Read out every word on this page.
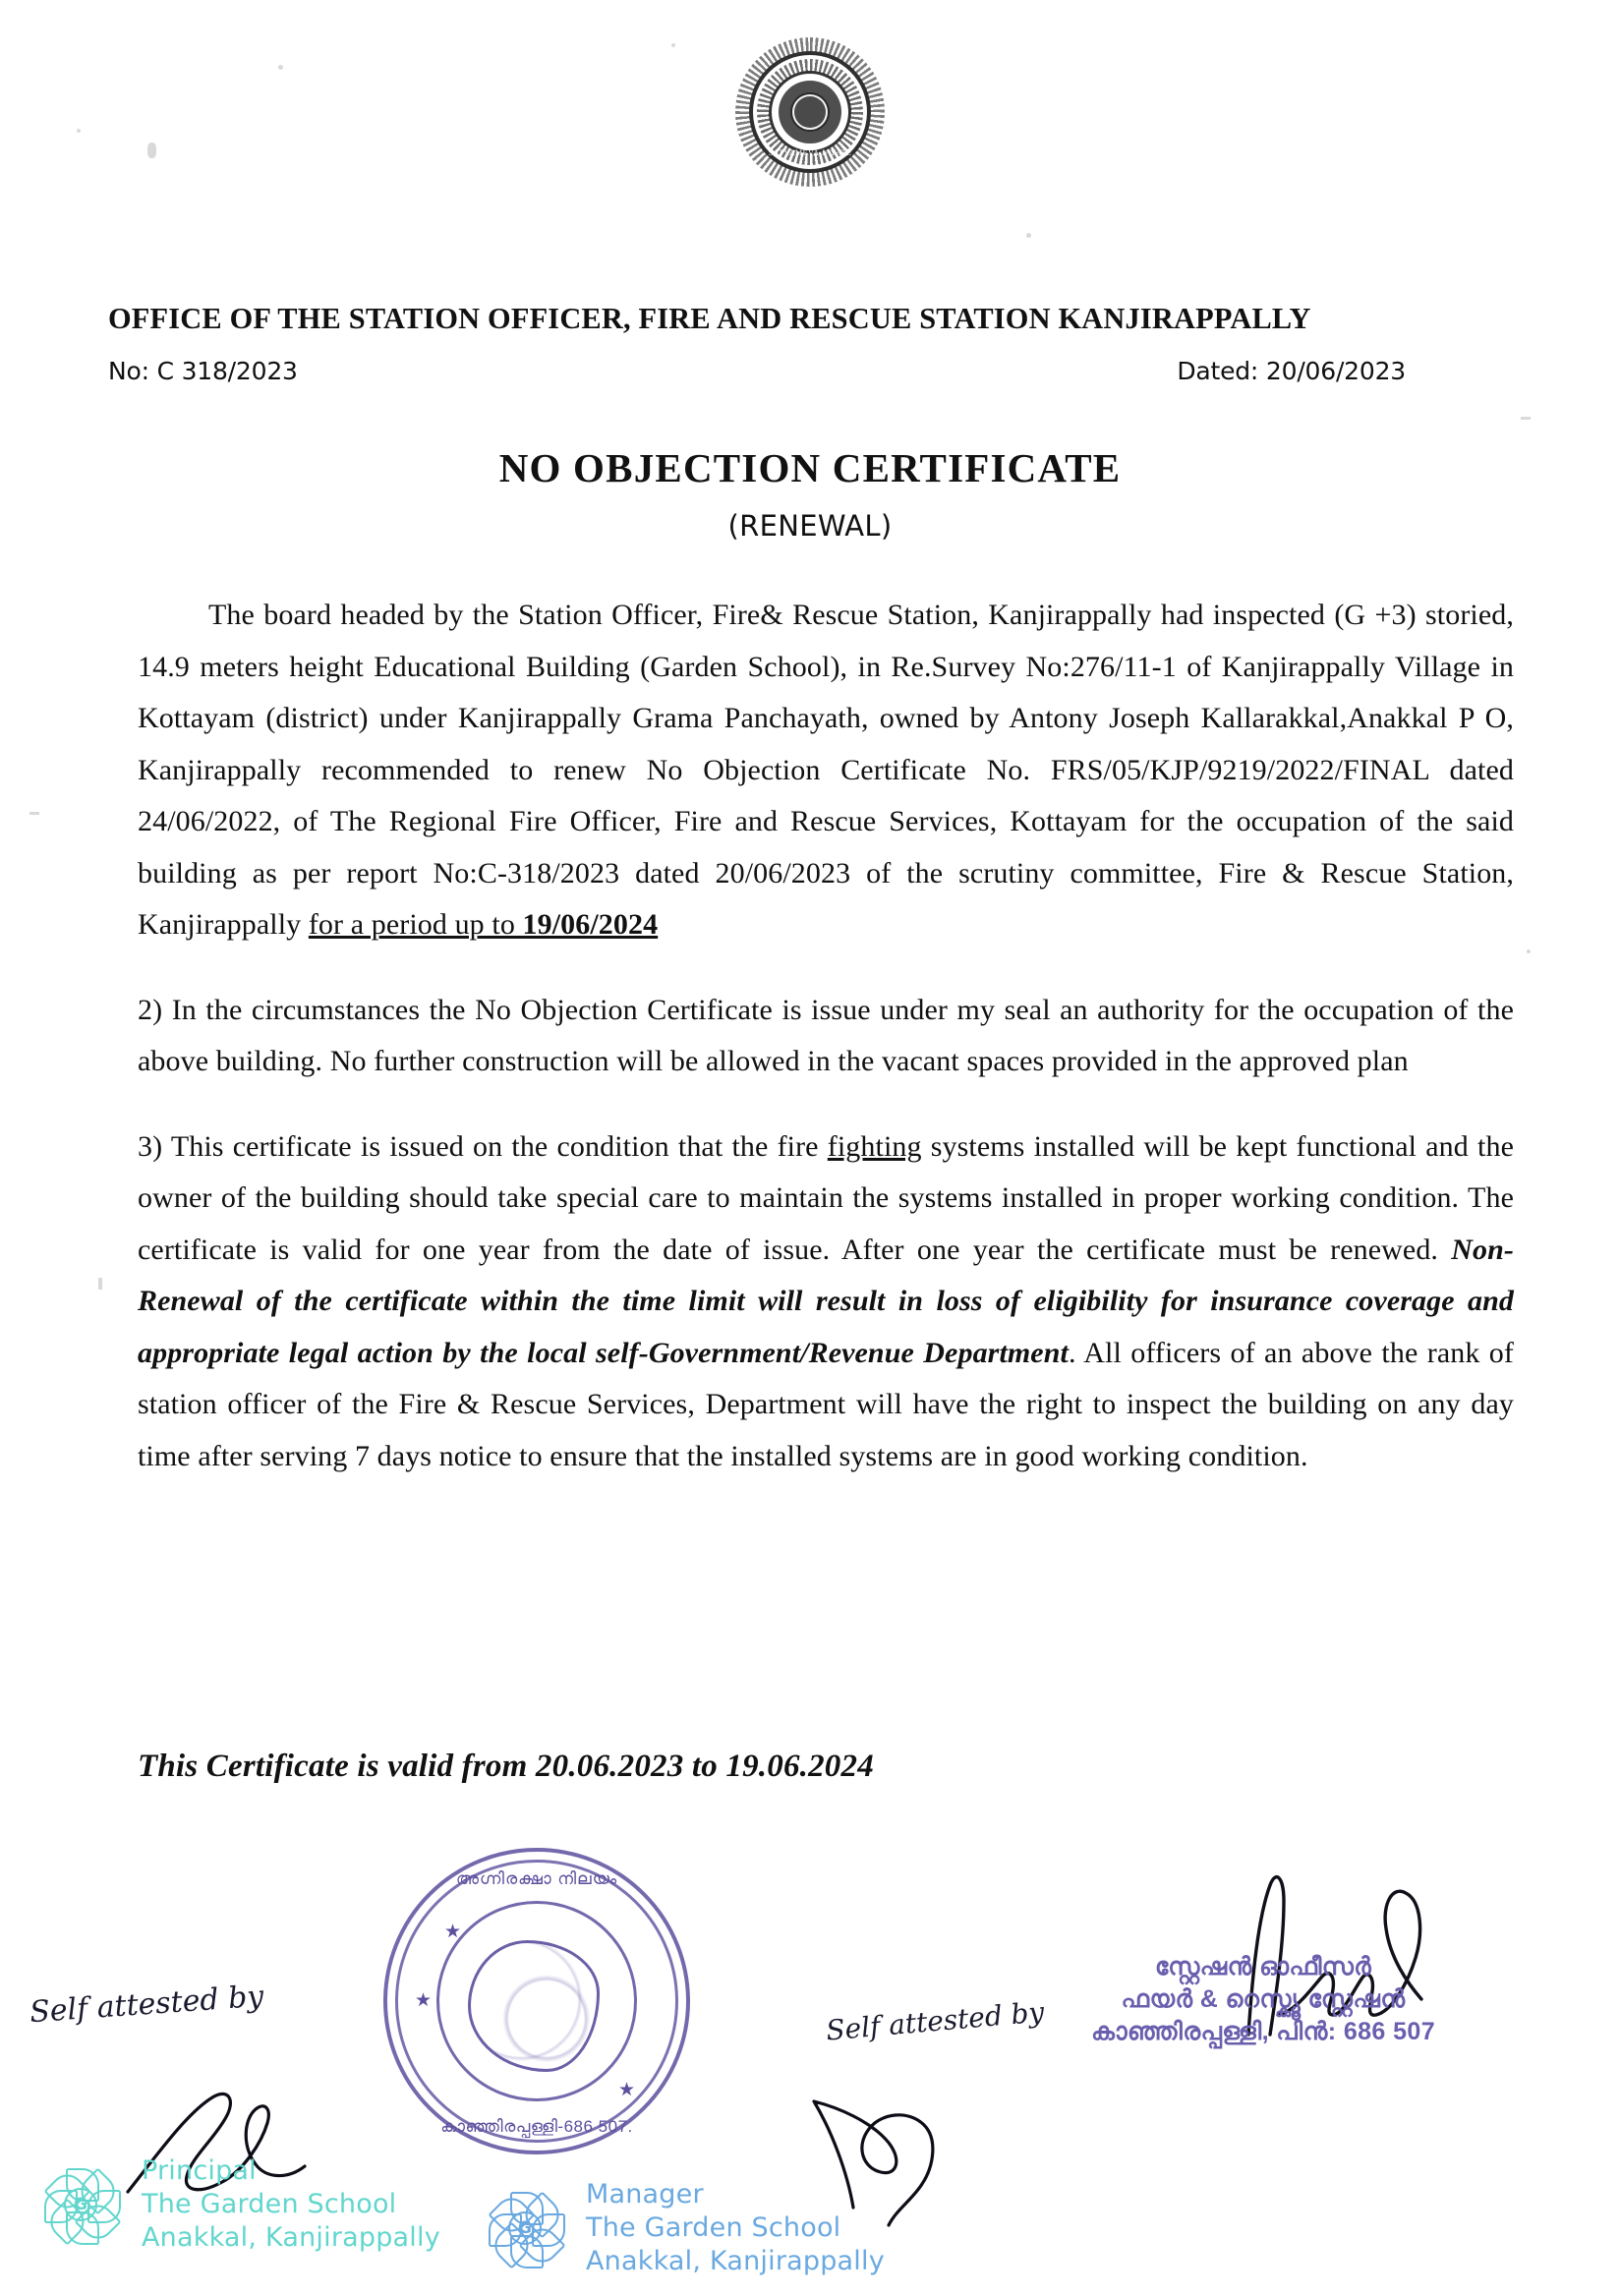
SATYAMEVA JAYATE
OFFICE OF THE STATION OFFICER, FIRE AND RESCUE STATION KANJIRAPPALLY
No: C 318/2023	Dated: 20/06/2023
NO OBJECTION CERTIFICATE
(RENEWAL)

The board headed by the Station Officer, Fire& Rescue Station, Kanjirappally had inspected (G +3) storied, 14.9 meters height Educational Building (Garden School), in Re.Survey No:276/11-1 of Kanjirappally Village in Kottayam (district) under Kanjirappally Grama Panchayath, owned by Antony Joseph Kallarakkal,Anakkal P O, Kanjirappally recommended to renew No Objection Certificate No. FRS/05/KJP/9219/2022/FINAL dated 24/06/2022, of The Regional Fire Officer, Fire and Rescue Services, Kottayam for the occupation of the said building as per report No:C-318/2023 dated 20/06/2023 of the scrutiny committee, Fire & Rescue Station, Kanjirappally for a period up to 19/06/2024

2) In the circumstances the No Objection Certificate is issue under my seal an authority for the occupation of the above building. No further construction will be allowed in the vacant spaces provided in the approved plan

3) This certificate is issued on the condition that the fire fighting systems installed will be kept functional and the owner of the building should take special care to maintain the systems installed in proper working condition. The certificate is valid for one year from the date of issue. After one year the certificate must be renewed. Non-Renewal of the certificate within the time limit will result in loss of eligibility for insurance coverage and appropriate legal action by the local self-Government/Revenue Department. All officers of an above the rank of station officer of the Fire & Rescue Services, Department will have the right to inspect the building on any day time after serving 7 days notice to ensure that the installed systems are in good working condition.

This Certificate is valid from 20.06.2023 to 19.06.2024
അഗ്നിരക്ഷാ നിലയം
കാഞ്ഞിരപ്പള്ളി-686 507.
★
★
★
സ്റ്റേഷൻ ഓഫീസർ
ഫയർ & റെസ്ക്യൂ സ്റ്റേഷൻ
കാഞ്ഞിരപ്പള്ളി, പിൻ: 686 507
Self attested by	Self attested by
G
Principal
The Garden School
Anakkal, Kanjirappally	G
Manager
The Garden School
Anakkal, Kanjirappally
